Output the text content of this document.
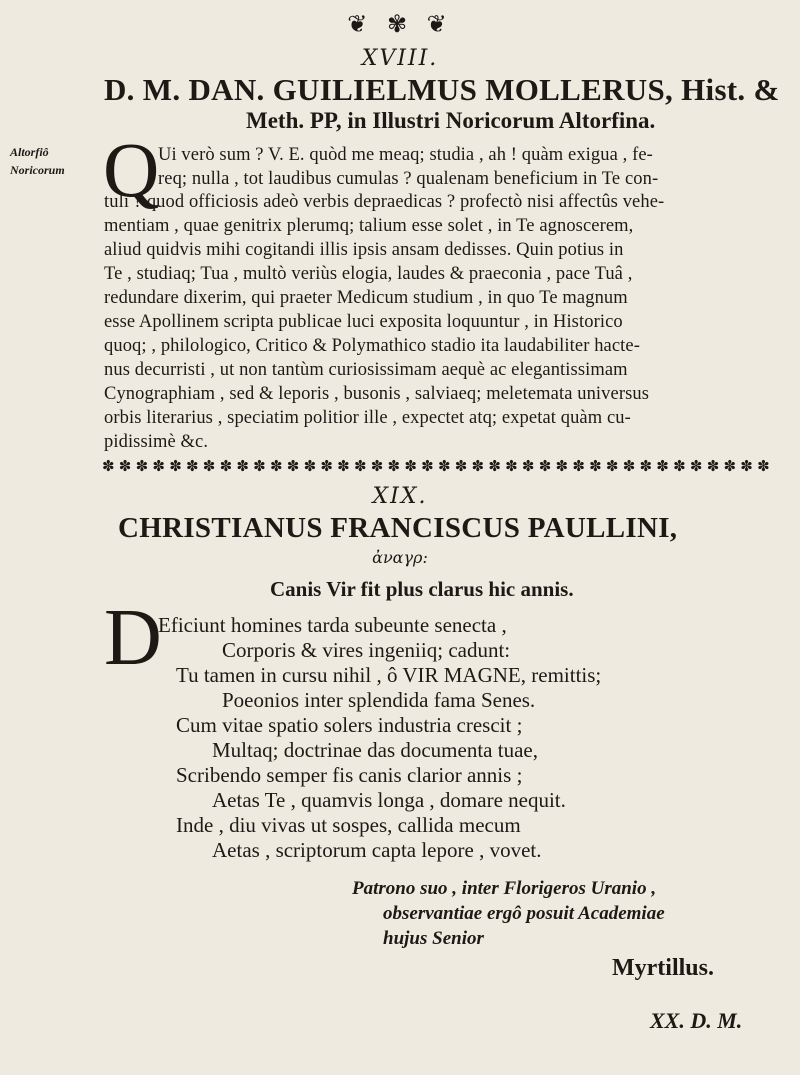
❦ ✾ ❦
XVIII.
D. M. DAN. GUILIELMUS MOLLERUS, Hist. &
Meth. PP, in Illustri Noricorum Altorfina.
Altorfiô
Noricorum Q
Ui verò sum ? V. E. quòd me meaq; studia , ah ! quàm exigua , fe-
req; nulla , tot laudibus cumulas ? qualenam beneficium in Te con-
tuli ? quod officiosis adeò verbis depraedicas ? profectò nisi affectûs vehe-
mentiam , quae genitrix plerumq; talium esse solet , in Te agnoscerem,
aliud quidvis mihi cogitandi illis ipsis ansam dedisses. Quin potius in
Te , studiaq; Tua , multò veriùs elogia, laudes & praeconia , pace Tuâ ,
redundare dixerim, qui praeter Medicum studium , in quo Te magnum
esse Apollinem scripta publicae luci exposita loquuntur , in Historico
quoq; , philologico, Critico & Polymathico stadio ita laudabiliter hacte-
nus decurristi , ut non tantùm curiosissimam aequè ac elegantissimam
Cynographiam , sed & leporis , busonis , salviaeq; meletemata universus
orbis literarius , speciatim politior ille , expectet atq; expetat quàm cu-
pidissimè &c.
✽ ✽ ✽ ✽ ✽ ✽ ✽ ✽ ✽ ✽ ✽ ✽ ✽ ✽ ✽ ✽ ✽ ✽ ✽ ✽ ✽ ✽ ✽ ✽ ✽ ✽ ✽ ✽ ✽ ✽ ✽ ✽ ✽ ✽ ✽ ✽ ✽ ✽ ✽ ✽
XIX.
CHRISTIANUS FRANCISCUS PAULLINI,
ἀναγρ:
Canis Vir fit plus clarus hic annis.
D
Eficiunt homines tarda subeunte senecta ,
Corporis & vires ingeniiq; cadunt:
Tu tamen in cursu nihil , ô VIR MAGNE, remittis;
Poeonios inter splendida fama Senes.
Cum vitae spatio solers industria crescit ;
Multaq; doctrinae das documenta tuae,
Scribendo semper fis canis clarior annis ;
Aetas Te , quamvis longa , domare nequit.
Inde , diu vivas ut sospes, callida mecum
Aetas , scriptorum capta lepore , vovet.
Patrono suo , inter Florigeros Uranio ,
observantiae ergô posuit Academiae
hujus Senior
Myrtillus.
XX. D. M.
